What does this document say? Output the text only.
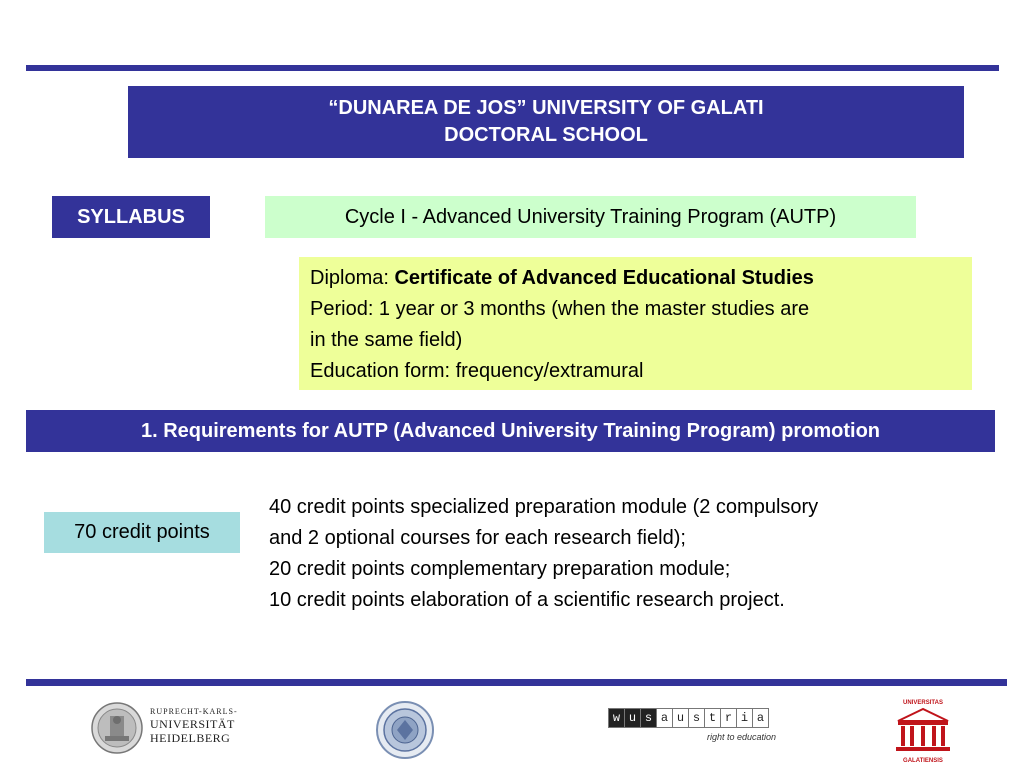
“DUNAREA DE JOS” UNIVERSITY OF GALATI
DOCTORAL SCHOOL
SYLLABUS	Cycle I - Advanced University Training Program (AUTP)
Diploma: Certificate of Advanced Educational Studies
Period: 1 year or 3 months (when the master studies are
in the same field)
Education form: frequency/extramural
1. Requirements for AUTP (Advanced University Training Program) promotion
70 credit points
40 credit points specialized preparation module (2 compulsory
and 2 optional courses for each research field);
20 credit points complementary preparation module;
10 credit points elaboration of a scientific research project.
RUPRECHT-KARLS-
UNIVERSITÄT
HEIDELBERG
w u s a u s t r i a
right to education
UNIVERSITAS
GALATIENSIS
